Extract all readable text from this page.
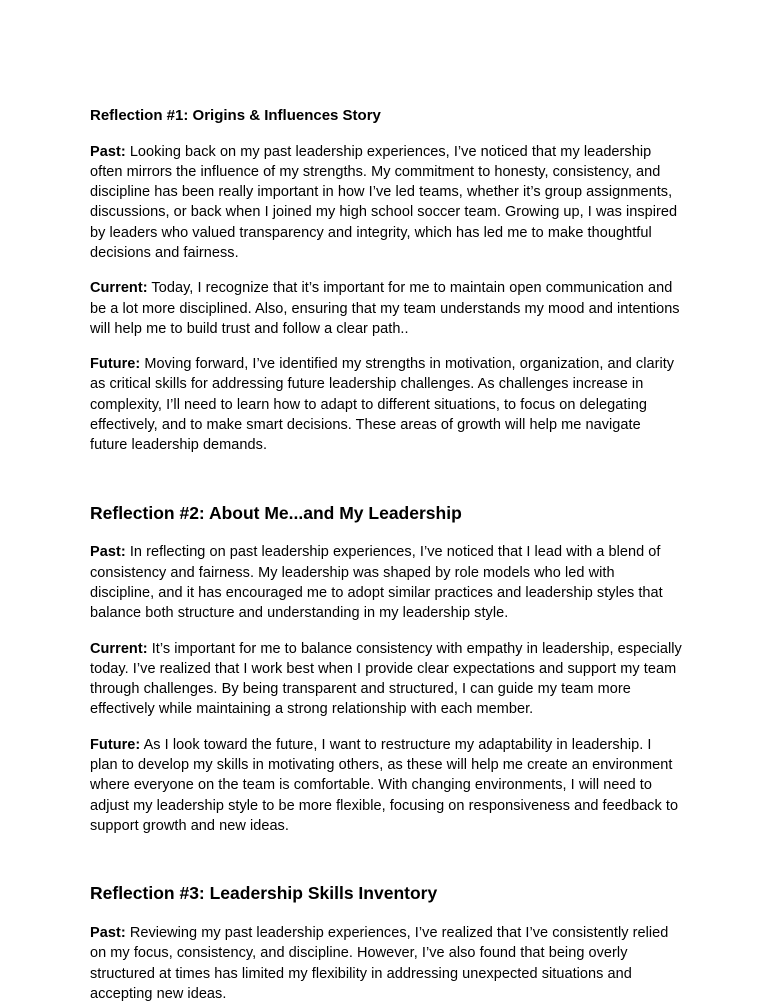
Reflection #1: Origins & Influences Story

Past: Looking back on my past leadership experiences, I’ve noticed that my leadership often mirrors the influence of my strengths. My commitment to honesty, consistency, and discipline has been really important in how I’ve led teams, whether it’s group assignments, discussions, or back when I joined my high school soccer team. Growing up, I was inspired by leaders who valued transparency and integrity, which has led me to make thoughtful decisions and fairness.

Current: Today, I recognize that it’s important for me to maintain open communication and be a lot more disciplined. Also, ensuring that my team understands my mood and intentions will help me to build trust and follow a clear path..

Future: Moving forward, I’ve identified my strengths in motivation, organization, and clarity as critical skills for addressing future leadership challenges. As challenges increase in complexity, I’ll need to learn how to adapt to different situations, to focus on delegating effectively, and to make smart decisions. These areas of growth will help me navigate future leadership demands.

Reflection #2: About Me...and My Leadership

Past: In reflecting on past leadership experiences, I’ve noticed that I lead with a blend of consistency and fairness. My leadership was shaped by role models who led with discipline, and it has encouraged me to adopt similar practices and leadership styles that balance both structure and understanding in my leadership style.

Current: It’s important for me to balance consistency with empathy in leadership, especially today. I’ve realized that I work best when I provide clear expectations and support my team through challenges. By being transparent and structured, I can guide my team more effectively while maintaining a strong relationship with each member.

Future: As I look toward the future, I want to restructure my adaptability in leadership. I plan to develop my skills in motivating others, as these will help me create an environment where everyone on the team is comfortable. With changing environments, I will need to adjust my leadership style to be more flexible, focusing on responsiveness and feedback to support growth and new ideas.

Reflection #3: Leadership Skills Inventory

Past: Reviewing my past leadership experiences, I’ve realized that I’ve consistently relied on my focus, consistency, and discipline. However, I’ve also found that being overly structured at times has limited my flexibility in addressing unexpected situations and accepting new ideas.
